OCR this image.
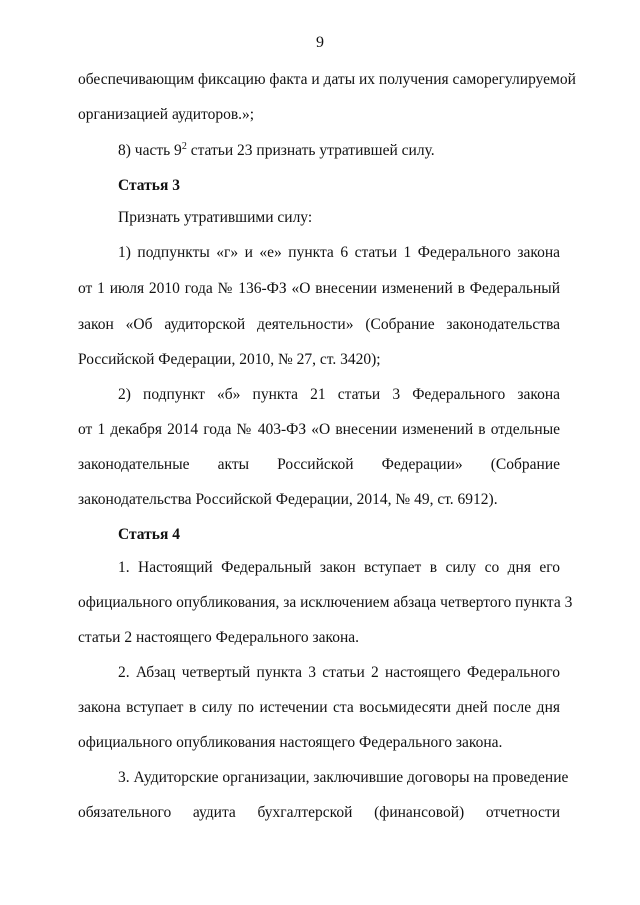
9
обеспечивающим фиксацию факта и даты их получения саморегулируемой
организацией аудиторов.»;
8) часть $9^2$ статьи 23 признать утратившей силу.
Статья 3
Признать утратившими силу:
1) подпункты «г» и «е» пункта 6 статьи 1 Федерального закона
от 1 июля 2010 года № 136-ФЗ «О внесении изменений в Федеральный
закон «Об аудиторской деятельности» (Собрание законодательства
Российской Федерации, 2010, № 27, ст. 3420);
2) подпункт «б» пункта 21 статьи 3 Федерального закона
от 1 декабря 2014 года № 403-ФЗ «О внесении изменений в отдельные
законодательные акты Российской Федерации» (Собрание
законодательства Российской Федерации, 2014, № 49, ст. 6912).
Статья 4
1. Настоящий Федеральный закон вступает в силу со дня его
официального опубликования, за исключением абзаца четвертого пункта 3
статьи 2 настоящего Федерального закона.
2. Абзац четвертый пункта 3 статьи 2 настоящего Федерального
закона вступает в силу по истечении ста восьмидесяти дней после дня
официального опубликования настоящего Федерального закона.
3. Аудиторские организации, заключившие договоры на проведение
обязательного аудита бухгалтерской (финансовой) отчетности
